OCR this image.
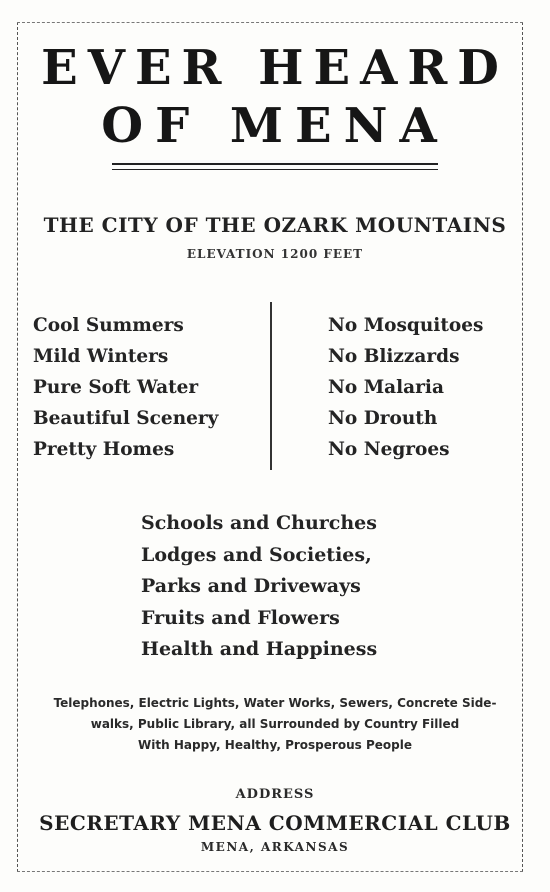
EVER HEARD
OF MENA
THE CITY OF THE OZARK MOUNTAINS
ELEVATION 1200 FEET
Cool Summers
Mild Winters
Pure Soft Water
Beautiful Scenery
Pretty Homes
No Mosquitoes
No Blizzards
No Malaria
No Drouth
No Negroes
Schools and Churches
Lodges and Societies,
Parks and Driveways
Fruits and Flowers
Health and Happiness
Telephones, Electric Lights, Water Works, Sewers, Concrete Side-
walks, Public Library, all Surrounded by Country Filled
With Happy, Healthy, Prosperous People
ADDRESS
SECRETARY MENA COMMERCIAL CLUB
MENA, ARKANSAS
